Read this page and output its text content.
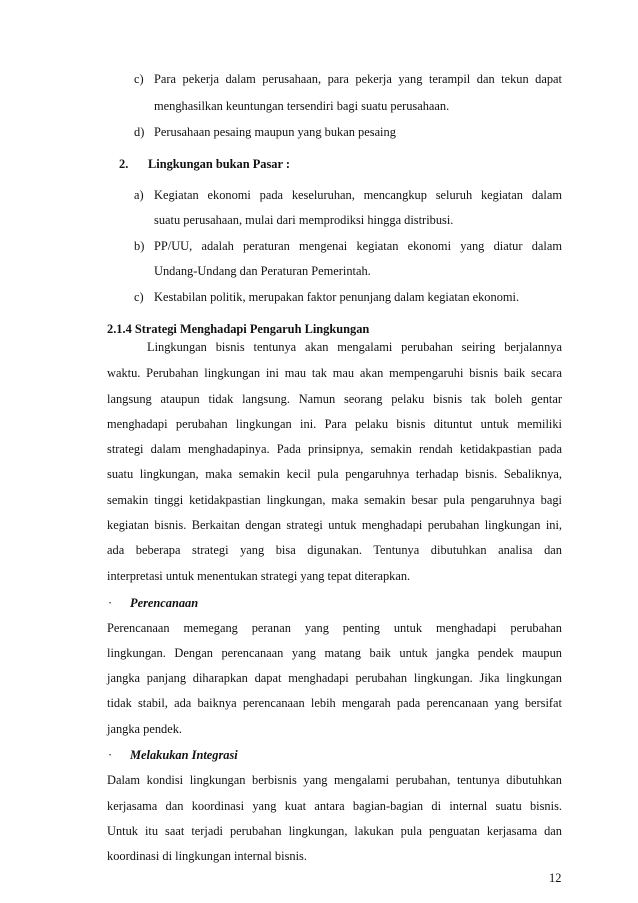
c) Para pekerja dalam perusahaan, para pekerja yang terampil dan tekun dapat
menghasilkan keuntungan tersendiri bagi suatu perusahaan.
d) Perusahaan pesaing maupun yang bukan pesaing
2. Lingkungan bukan Pasar :
a) Kegiatan ekonomi pada keseluruhan, mencangkup seluruh kegiatan dalam
suatu perusahaan, mulai dari memprodiksi hingga distribusi.
b) PP/UU, adalah peraturan mengenai kegiatan ekonomi yang diatur dalam
Undang-Undang dan Peraturan Pemerintah.
c) Kestabilan politik, merupakan faktor penunjang dalam kegiatan ekonomi.
2.1.4 Strategi Menghadapi Pengaruh Lingkungan
Lingkungan bisnis tentunya akan mengalami perubahan seiring berjalannya
waktu. Perubahan lingkungan ini mau tak mau akan mempengaruhi bisnis baik secara
langsung ataupun tidak langsung. Namun seorang pelaku bisnis tak boleh gentar
menghadapi perubahan lingkungan ini. Para pelaku bisnis dituntut untuk memiliki
strategi dalam menghadapinya. Pada prinsipnya, semakin rendah ketidakpastian pada
suatu lingkungan, maka semakin kecil pula pengaruhnya terhadap bisnis. Sebaliknya,
semakin tinggi ketidakpastian lingkungan, maka semakin besar pula pengaruhnya bagi
kegiatan bisnis. Berkaitan dengan strategi untuk menghadapi perubahan lingkungan ini,
ada beberapa strategi yang bisa digunakan. Tentunya dibutuhkan analisa dan
interpretasi untuk menentukan strategi yang tepat diterapkan.
· Perencanaan
Perencanaan memegang peranan yang penting untuk menghadapi perubahan
lingkungan. Dengan perencanaan yang matang baik untuk jangka pendek maupun
jangka panjang diharapkan dapat menghadapi perubahan lingkungan. Jika lingkungan
tidak stabil, ada baiknya perencanaan lebih mengarah pada perencanaan yang bersifat
jangka pendek.
· Melakukan Integrasi
Dalam kondisi lingkungan berbisnis yang mengalami perubahan, tentunya dibutuhkan
kerjasama dan koordinasi yang kuat antara bagian-bagian di internal suatu bisnis.
Untuk itu saat terjadi perubahan lingkungan, lakukan pula penguatan kerjasama dan
koordinasi di lingkungan internal bisnis.
12
